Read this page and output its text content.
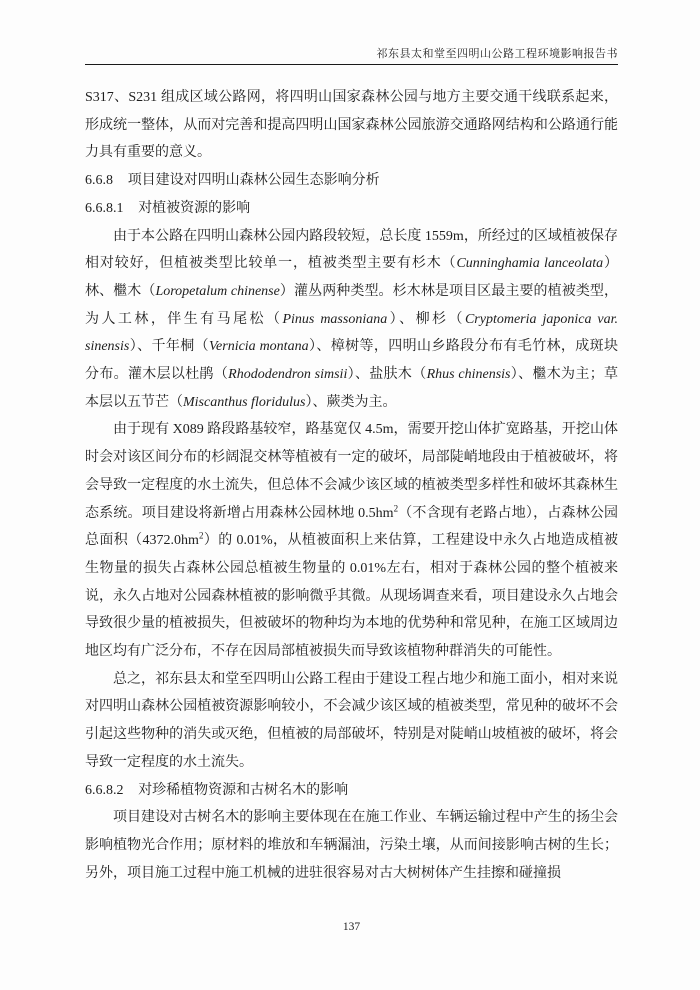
祁东县太和堂至四明山公路工程环境影响报告书

S317、S231 组成区域公路网，将四明山国家森林公园与地方主要交通干线联系起来，形成统一整体，从而对完善和提高四明山国家森林公园旅游交通路网结构和公路通行能力具有重要的意义。

6.6.8 项目建设对四明山森林公园生态影响分析

6.6.8.1 对植被资源的影响

由于本公路在四明山森林公园内路段较短，总长度 1559m，所经过的区域植被保存相对较好，但植被类型比较单一，植被类型主要有杉木（Cunninghamia lanceolata）林、檵木（Loropetalum chinense）灌丛两种类型。杉木林是项目区最主要的植被类型，为人工林，伴生有马尾松（Pinus massoniana）、柳杉（Cryptomeria japonica var. sinensis）、千年桐（Vernicia montana）、樟树等，四明山乡路段分布有毛竹林，成斑块分布。灌木层以杜鹃（Rhododendron simsii）、盐肤木（Rhus chinensis）、檵木为主；草本层以五节芒（Miscanthus floridulus）、蕨类为主。

由于现有 X089 路段路基较窄，路基宽仅 4.5m，需要开挖山体扩宽路基，开挖山体时会对该区间分布的杉阔混交林等植被有一定的破坏，局部陡峭地段由于植被破坏，将会导致一定程度的水土流失，但总体不会减少该区域的植被类型多样性和破坏其森林生态系统。项目建设将新增占用森林公园林地 $0.5hm^2$（不含现有老路占地），占森林公园总面积$(4372.0hm^2)$的 0.01%，从植被面积上来估算，工程建设中永久占地造成植被生物量的损失占森林公园总植被生物量的 0.01%左右，相对于森林公园的整个植被来说，永久占地对公园森林植被的影响微乎其微。从现场调查来看，项目建设永久占地会导致很少量的植被损失，但被破坏的物种均为本地的优势种和常见种，在施工区域周边地区均有广泛分布，不存在因局部植被损失而导致该植物种群消失的可能性。

总之，祁东县太和堂至四明山公路工程由于建设工程占地少和施工面小，相对来说对四明山森林公园植被资源影响较小，不会减少该区域的植被类型，常见种的破坏不会引起这些物种的消失或灭绝，但植被的局部破坏，特别是对陡峭山坡植被的破坏，将会导致一定程度的水土流失。

6.6.8.2 对珍稀植物资源和古树名木的影响

项目建设对古树名木的影响主要体现在在施工作业、车辆运输过程中产生的扬尘会影响植物光合作用；原材料的堆放和车辆漏油，污染土壤，从而间接影响古树的生长；另外，项目施工过程中施工机械的进驻很容易对古大树树体产生挂擦和碰撞损

137
